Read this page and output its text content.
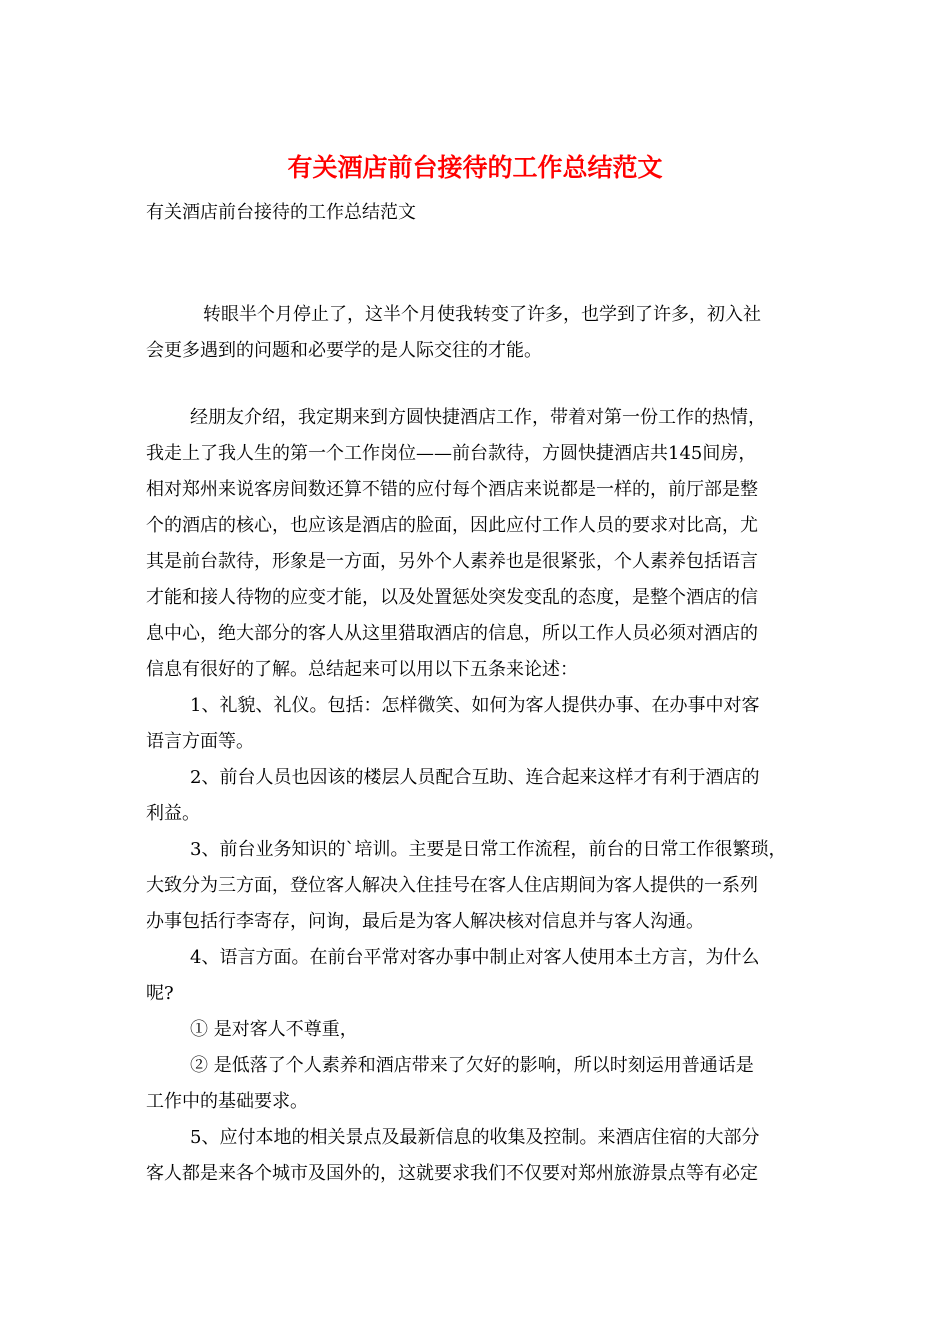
有关酒店前台接待的工作总结范文
有关酒店前台接待的工作总结范文
转眼半个月停止了，这半个月使我转变了许多，也学到了许多，初入社
会更多遇到的问题和必要学的是人际交往的才能。
经朋友介绍，我定期来到方圆快捷酒店工作，带着对第一份工作的热情，
我走上了我人生的第一个工作岗位——前台款待，方圆快捷酒店共145间房，
相对郑州来说客房间数还算不错的应付每个酒店来说都是一样的，前厅部是整
个的酒店的核心，也应该是酒店的脸面，因此应付工作人员的要求对比高，尤
其是前台款待，形象是一方面，另外个人素养也是很紧张，个人素养包括语言
才能和接人待物的应变才能，以及处置惩处突发变乱的态度，是整个酒店的信
息中心，绝大部分的客人从这里猎取酒店的信息，所以工作人员必须对酒店的
信息有很好的了解。总结起来可以用以下五条来论述：
1、礼貌、礼仪。包括：怎样微笑、如何为客人提供办事、在办事中对客
语言方面等。
2、前台人员也因该的楼层人员配合互助、连合起来这样才有利于酒店的
利益。
3、前台业务知识的`培训。主要是日常工作流程，前台的日常工作很繁琐，
大致分为三方面，登位客人解决入住挂号在客人住店期间为客人提供的一系列
办事包括行李寄存，问询，最后是为客人解决核对信息并与客人沟通。
4、语言方面。在前台平常对客办事中制止对客人使用本土方言，为什么
呢?
① 是对客人不尊重，
② 是低落了个人素养和酒店带来了欠好的影响，所以时刻运用普通话是
工作中的基础要求。
5、应付本地的相关景点及最新信息的收集及控制。来酒店住宿的大部分
客人都是来各个城市及国外的，这就要求我们不仅要对郑州旅游景点等有必定
